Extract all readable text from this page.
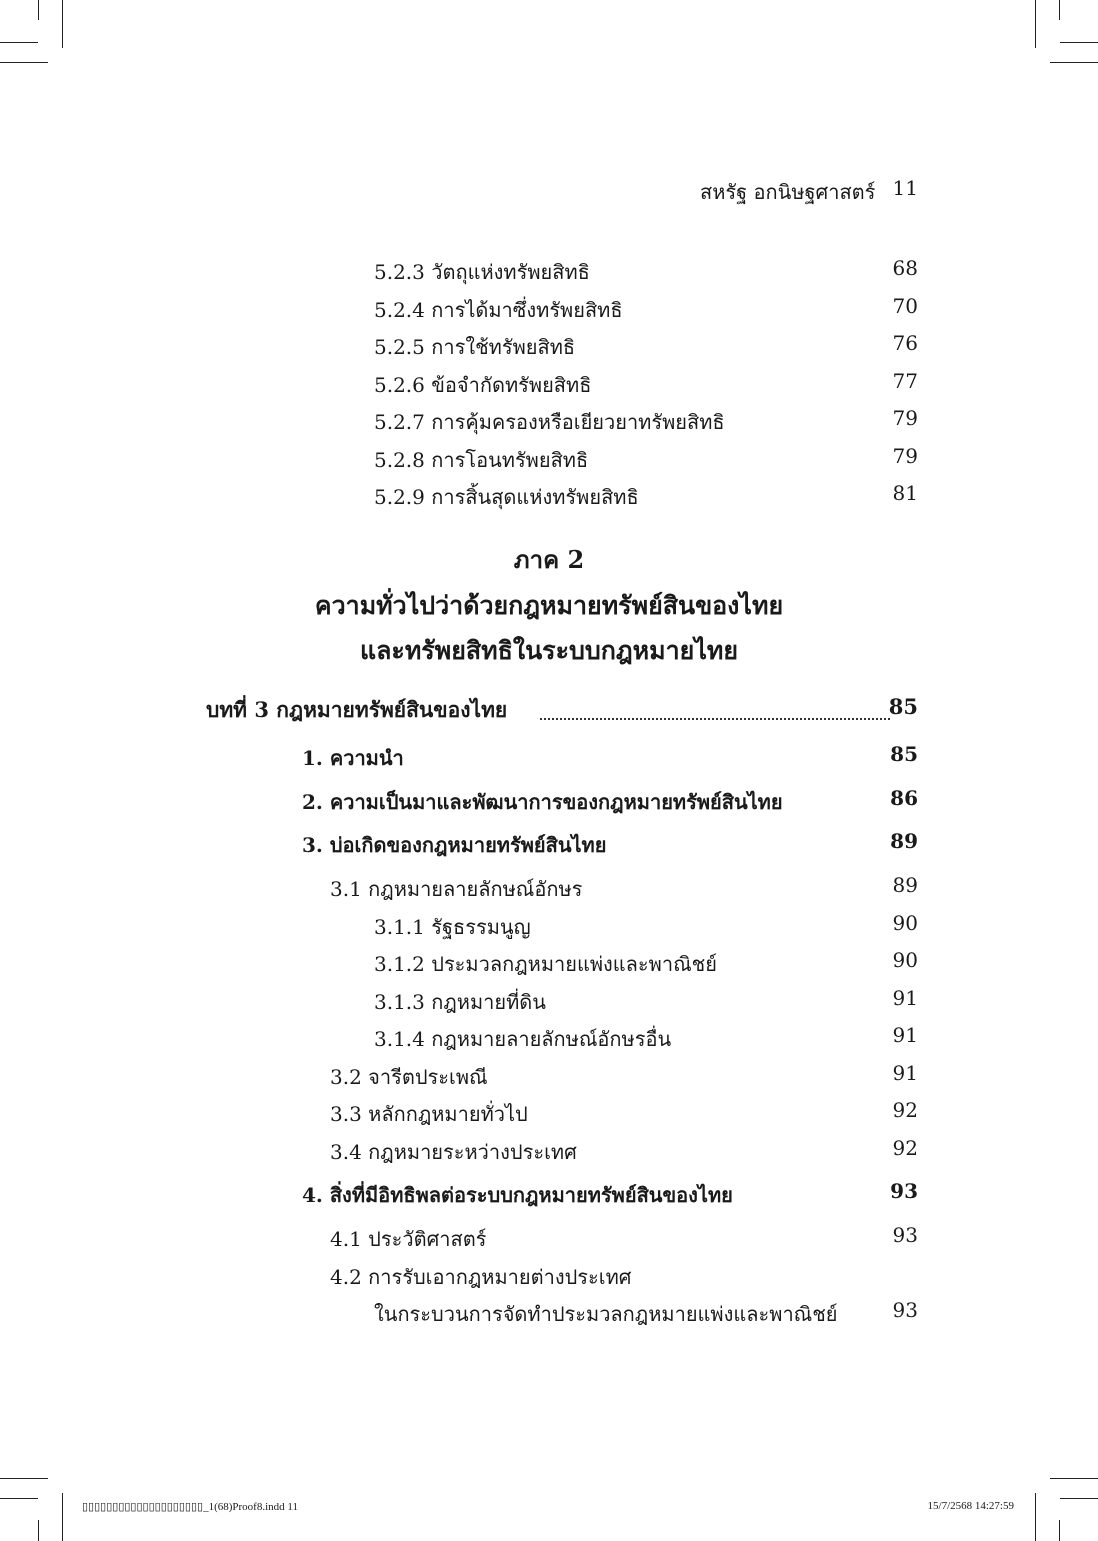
สหรัฐ อกนิษฐศาสตร์ 11
5.2.3 วัตถุแห่งทรัพยสิทธิ	68
5.2.4 การได้มาซึ่งทรัพยสิทธิ	70
5.2.5 การใช้ทรัพยสิทธิ	76
5.2.6 ข้อจำกัดทรัพยสิทธิ	77
5.2.7 การคุ้มครองหรือเยียวยาทรัพยสิทธิ	79
5.2.8 การโอนทรัพยสิทธิ	79
5.2.9 การสิ้นสุดแห่งทรัพยสิทธิ	81
ภาค 2
ความทั่วไปว่าด้วยกฎหมายทรัพย์สินของไทย
และทรัพยสิทธิในระบบกฎหมายไทย
บทที่ 3 กฎหมายทรัพย์สินของไทย	85
1. ความนำ	85
2. ความเป็นมาและพัฒนาการของกฎหมายทรัพย์สินไทย	86
3. บ่อเกิดของกฎหมายทรัพย์สินไทย	89
3.1 กฎหมายลายลักษณ์อักษร	89
3.1.1 รัฐธรรมนูญ	90
3.1.2 ประมวลกฎหมายแพ่งและพาณิชย์	90
3.1.3 กฎหมายที่ดิน	91
3.1.4 กฎหมายลายลักษณ์อักษรอื่น	91
3.2 จารีตประเพณี	91
3.3 หลักกฎหมายทั่วไป	92
3.4 กฎหมายระหว่างประเทศ	92
4. สิ่งที่มีอิทธิพลต่อระบบกฎหมายทรัพย์สินของไทย	93
4.1 ประวัติศาสตร์	93
4.2 การรับเอากฎหมายต่างประเทศ
ในกระบวนการจัดทำประมวลกฎหมายแพ่งและพาณิชย์	93
▯▯▯▯▯▯▯▯▯▯▯▯▯▯▯▯▯▯▯▯_1(68)Proof8.indd 11	15/7/2568 14:27:59
